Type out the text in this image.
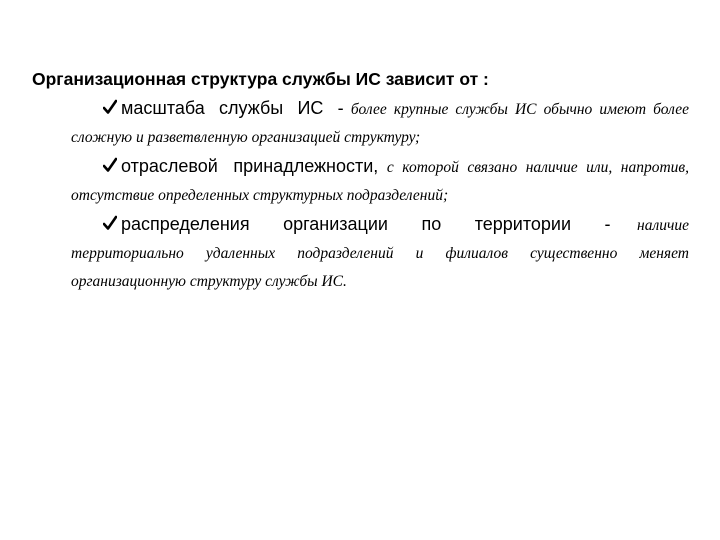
Организационная структура службы ИС зависит от :

масштаба службы ИС - более крупные службы ИС обычно имеют более сложную и разветвленную организацией структуру;

отраслевой принадлежности, с которой связано наличие или, напротив, отсутствие определенных структурных подразделений;

распределения организации по территории - наличие территориально удаленных подразделений и филиалов существенно меняет организационную структуру службы ИС.
